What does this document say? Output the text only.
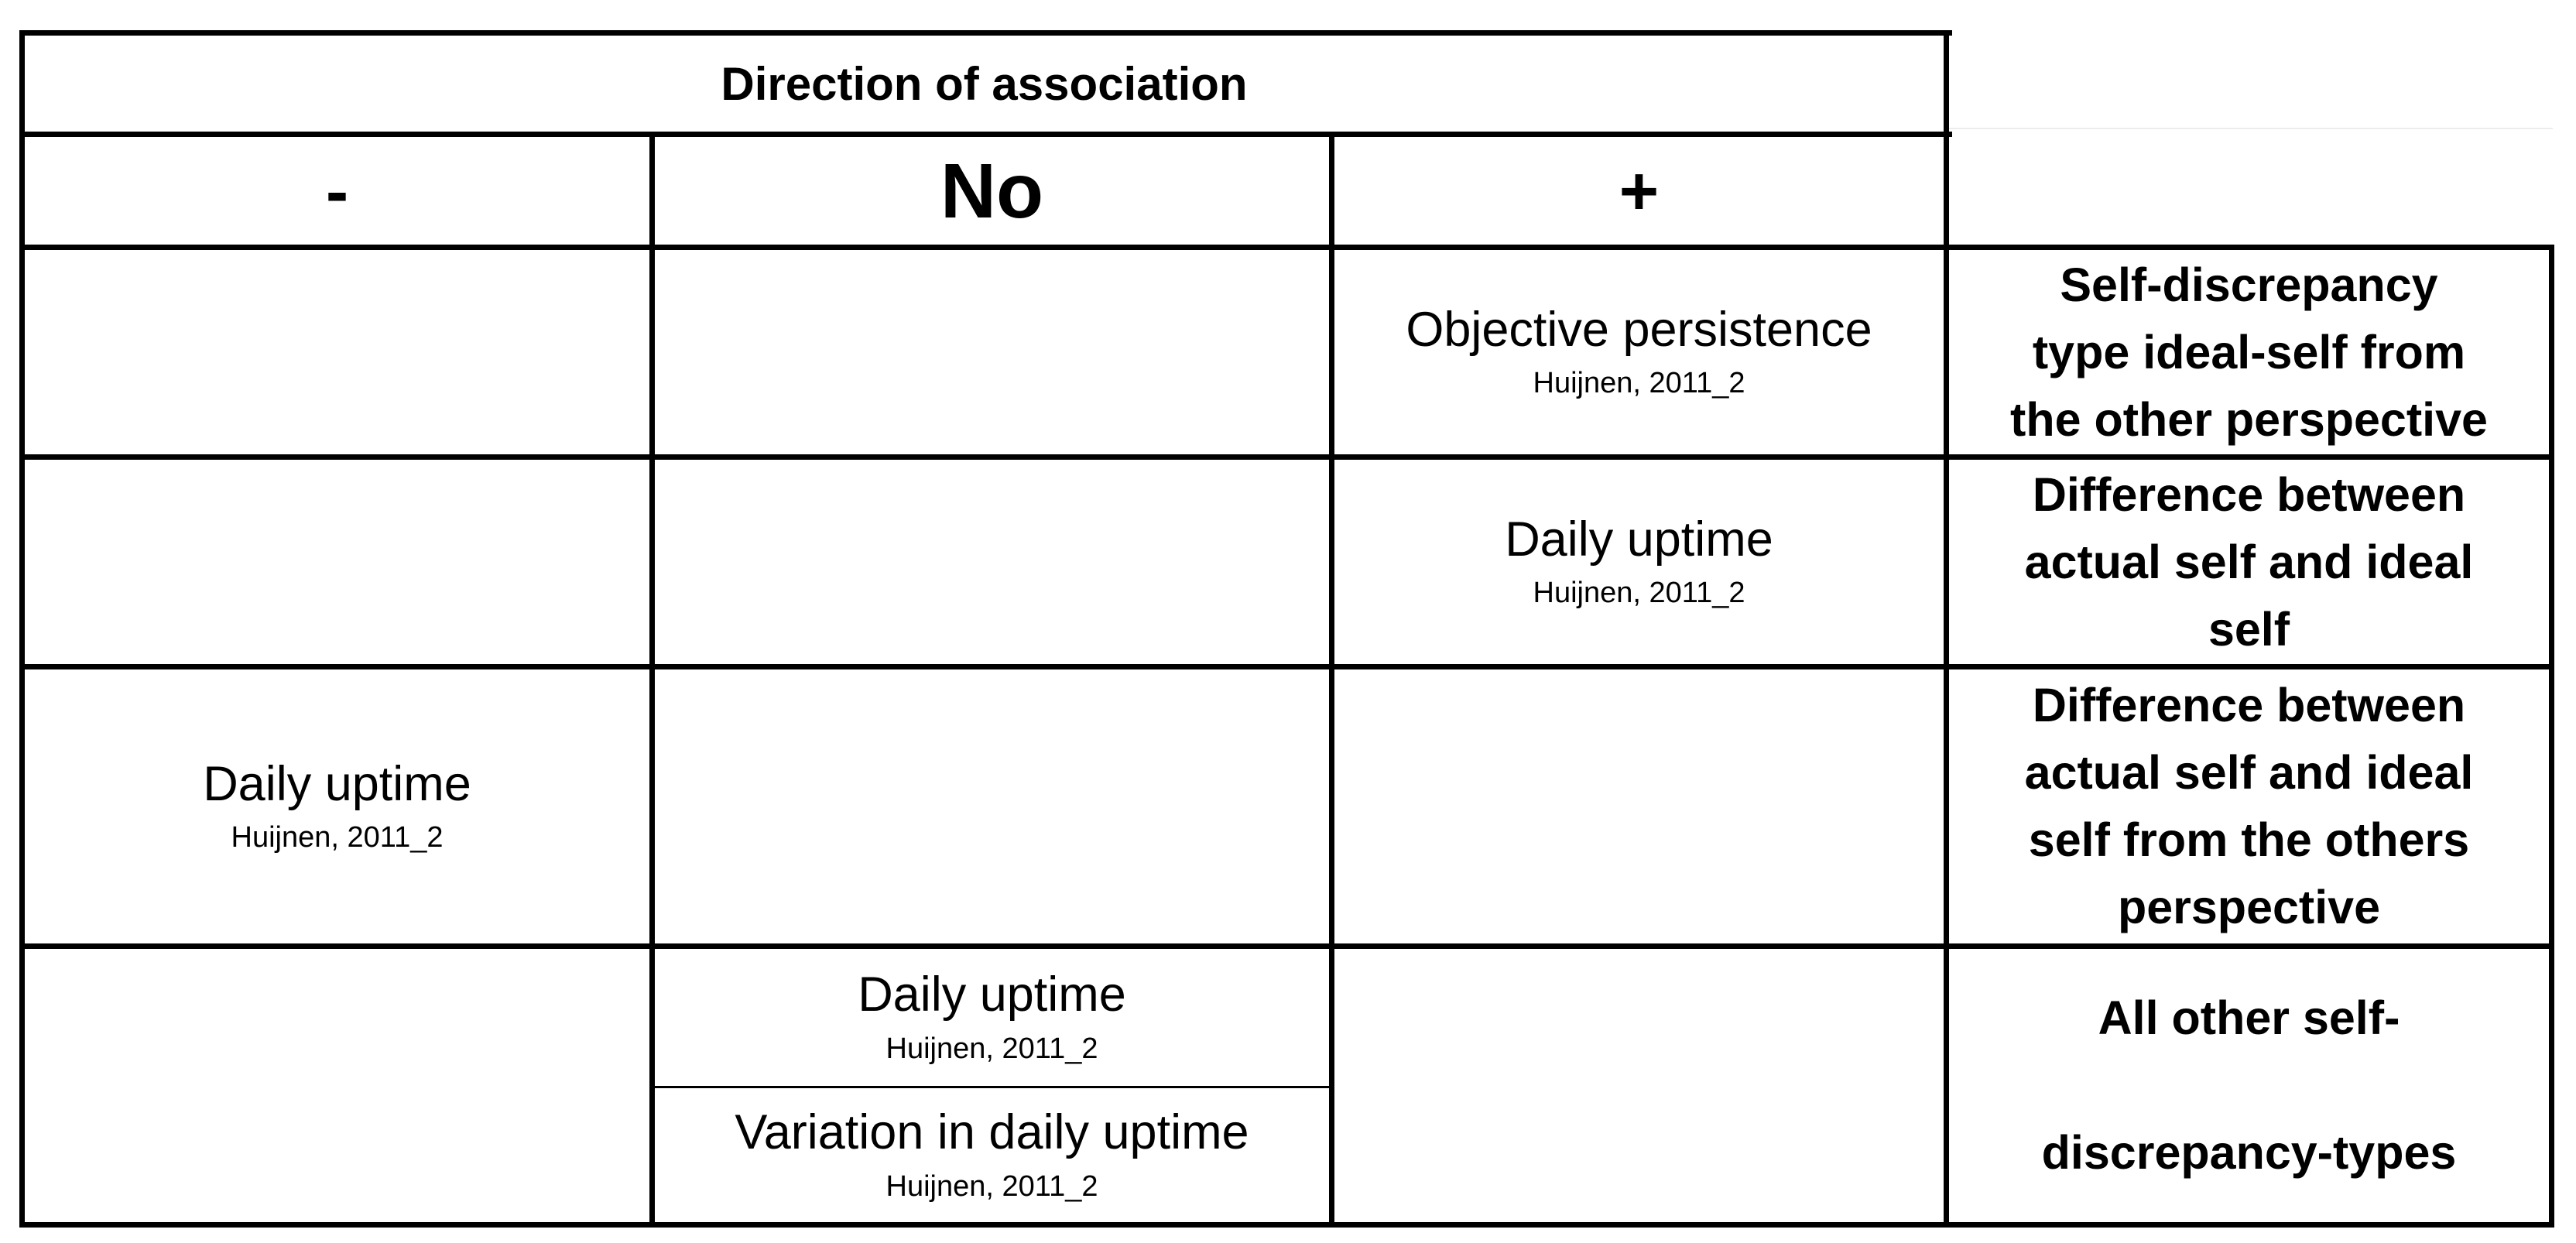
Direction of association
-	No	+
Objective persistence
Huijnen, 2011_2
Self-discrepancy
type ideal-self from
the other perspective
Daily uptime
Huijnen, 2011_2
Difference between
actual self and ideal
self
Daily uptime
Huijnen, 2011_2
Difference between
actual self and ideal
self from the others
perspective
Daily uptime
Huijnen, 2011_2
Variation in daily uptime
Huijnen, 2011_2
All other self-
discrepancy-types
